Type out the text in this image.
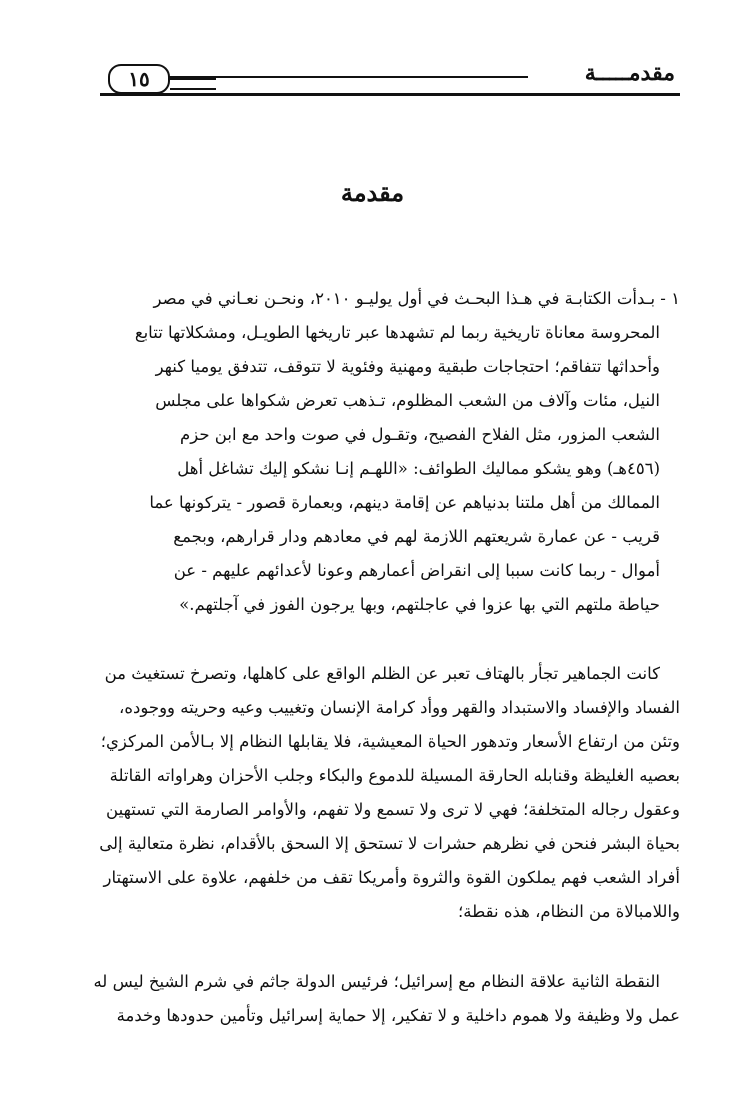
مقدمـــــة
١٥
مقدمة
١ - بـدأت الكتابـة في هـذا البحـث في أول يوليـو ٢٠١٠، ونحـن نعـاني في مصر
المحروسة معاناة تاريخية ربما لم تشهدها عبر تاريخها الطويـل، ومشكلاتها تتابع
وأحداثها تتفاقم؛ احتجاجات طبقية ومهنية وفئوية لا تتوقف، تتدفق يوميا كنهر
النيل، مئات وآلاف من الشعب المظلوم، تـذهب تعرض شكواها على مجلس
الشعب المزور، مثل الفلاح الفصيح، وتقـول في صوت واحد مع ابن حزم
(٤٥٦هـ) وهو يشكو مماليك الطوائف: «اللهـم إنـا نشكو إليك تشاغل أهل
الممالك من أهل ملتنا بدنياهم عن إقامة دينهم، وبعمارة قصور - يتركونها عما
قريب - عن عمارة شريعتهم اللازمة لهم في معادهم ودار قرارهم، وبجمع
أموال - ربما كانت سببا إلى انقراض أعمارهم وعونا لأعدائهم عليهم - عن
حياطة ملتهم التي بها عزوا في عاجلتهم، وبها يرجون الفوز في آجلتهم.»
كانت الجماهير تجأر بالهتاف تعبر عن الظلم الواقع على كاهلها، وتصرخ تستغيث من
الفساد والإفساد والاستبداد والقهر ووأد كرامة الإنسان وتغييب وعيه وحريته ووجوده،
وتئن من ارتفاع الأسعار وتدهور الحياة المعيشية، فلا يقابلها النظام إلا بـالأمن المركزي؛
بعصيه الغليظة وقنابله الحارقة المسيلة للدموع والبكاء وجلب الأحزان وهراواته القاتلة
وعقول رجاله المتخلفة؛ فهي لا ترى ولا تسمع ولا تفهم، والأوامر الصارمة التي تستهين
بحياة البشر فنحن في نظرهم حشرات لا تستحق إلا السحق بالأقدام، نظرة متعالية إلى
أفراد الشعب فهم يملكون القوة والثروة وأمريكا تقف من خلفهم، علاوة على الاستهتار
واللامبالاة من النظام، هذه نقطة؛
النقطة الثانية علاقة النظام مع إسرائيل؛ فرئيس الدولة جاثم في شرم الشيخ ليس له
عمل ولا وظيفة ولا هموم داخلية و لا تفكير، إلا حماية إسرائيل وتأمين حدودها وخدمة
